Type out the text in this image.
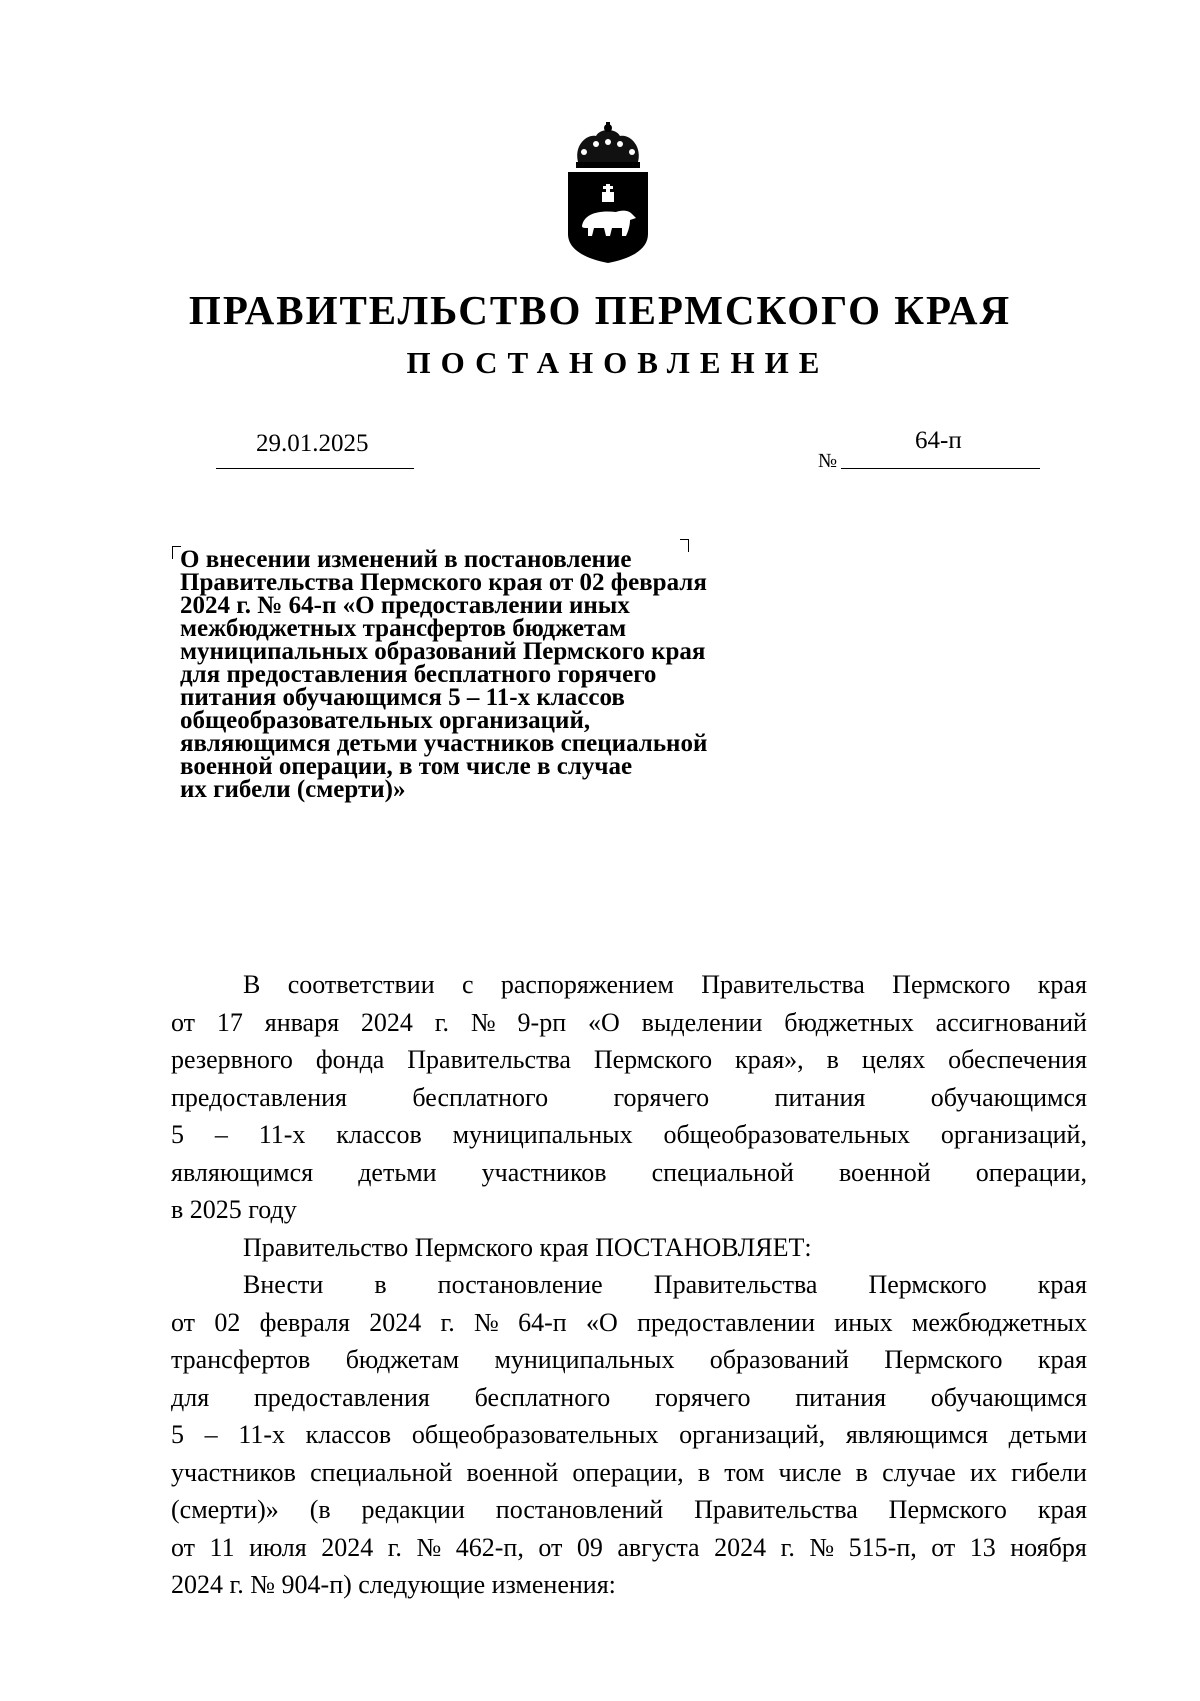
ПРАВИТЕЛЬСТВО ПЕРМСКОГО КРАЯ
ПОСТАНОВЛЕНИЕ
29.01.2025
№
64-п
О внесении изменений в постановление
Правительства Пермского края от 02 февраля
2024 г. № 64-п «О предоставлении иных
межбюджетных трансфертов бюджетам
муниципальных образований Пермского края
для предоставления бесплатного горячего
питания обучающимся 5 – 11-х классов
общеобразовательных организаций,
являющимся детьми участников специальной
военной операции, в том числе в случае
их гибели (смерти)»
В соответствии с распоряжением Правительства Пермского края
от 17 января 2024 г. № 9-рп «О выделении бюджетных ассигнований
резервного фонда Правительства Пермского края», в целях обеспечения
предоставления	бесплатного	горячего	питания	обучающимся
5 – 11-х классов муниципальных общеобразовательных организаций,
являющимся детьми участников специальной военной операции,
в 2025 году
Правительство Пермского края ПОСТАНОВЛЯЕТ:
Внести в постановление Правительства Пермского края
от 02 февраля 2024 г. № 64-п «О предоставлении иных межбюджетных
трансфертов бюджетам муниципальных образований Пермского края
для предоставления бесплатного горячего питания обучающимся
5 – 11-х классов общеобразовательных организаций, являющимся детьми
участников специальной военной операции, в том числе в случае их гибели
(смерти)» (в редакции постановлений Правительства Пермского края
от 11 июля 2024 г. № 462-п, от 09 августа 2024 г. № 515-п, от 13 ноября
2024 г. № 904-п) следующие изменения:
